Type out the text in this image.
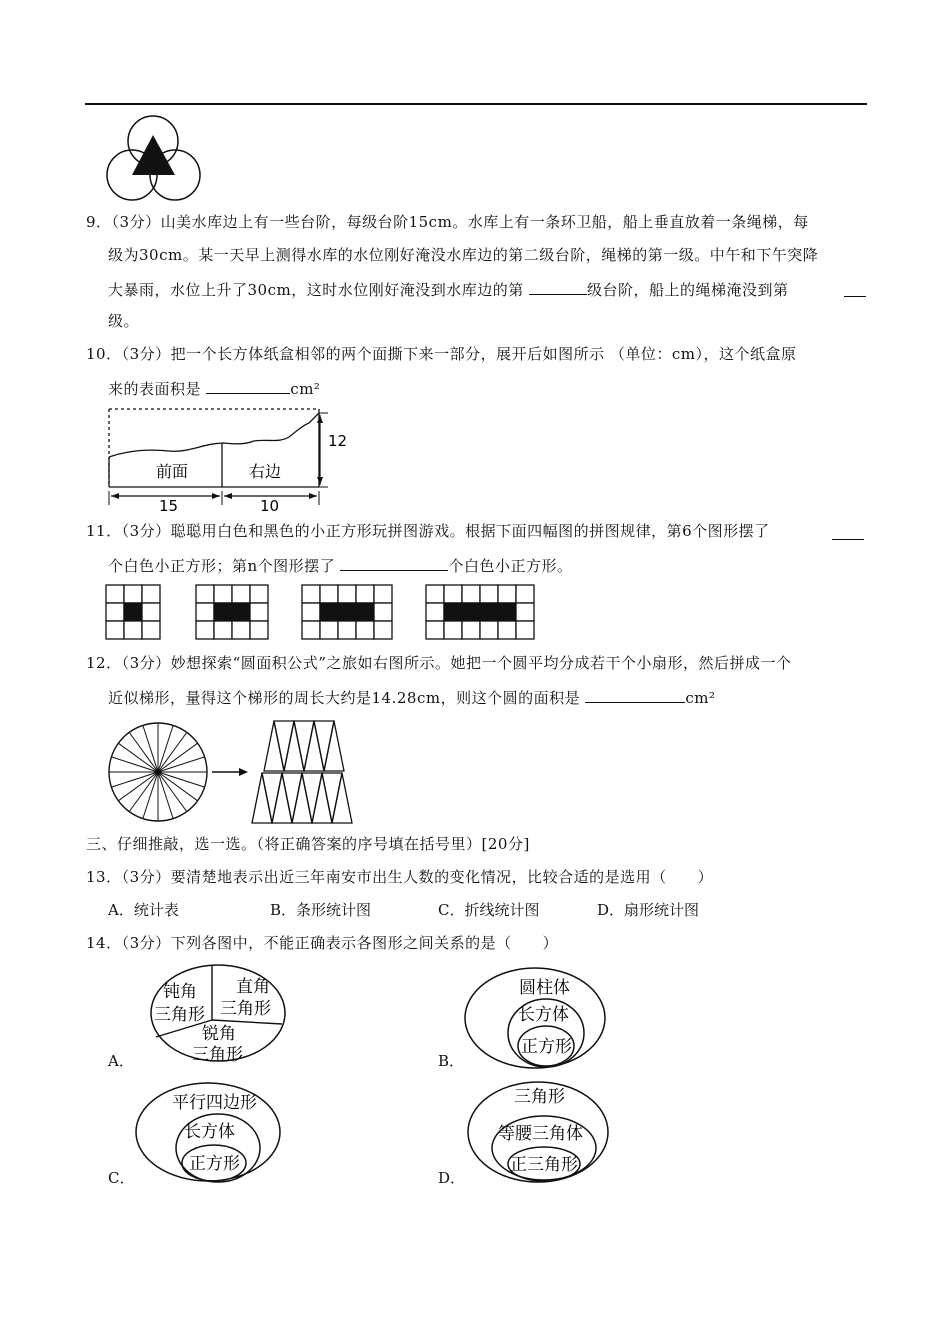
9．（3分）山美水库边上有一些台阶，每级台阶15cm。水库上有一条环卫船，船上垂直放着一条绳梯，每
级为30cm。某一天早上测得水库的水位刚好淹没水库边的第二级台阶，绳梯的第一级。中午和下午突降
大暴雨，水位上升了30cm，这时水位刚好淹没到水库边的第	级台阶，船上的绳梯淹没到第
级。
10．（3分）把一个长方体纸盒相邻的两个面撕下来一部分，展开后如图所示 （单位：cm），这个纸盒原
来的表面积是	cm²
前面	右边
15	10
12
11．（3分）聪聪用白色和黑色的小正方形玩拼图游戏。根据下面四幅图的拼图规律，第6个图形摆了
个白色小正方形；第n个图形摆了	个白色小正方形。
12．（3分）妙想探索“圆面积公式”之旅如右图所示。她把一个圆平均分成若干个小扇形，然后拼成一个
近似梯形，量得这个梯形的周长大约是14.28cm，则这个圆的面积是	cm²
三、仔细推敲，选一选。（将正确答案的序号填在括号里）[20分]
13．（3分）要清楚地表示出近三年南安市出生人数的变化情况，比较合适的是选用（　　）
A．统计表	B．条形统计图	C．折线统计图	D．扇形统计图
14．（3分）下列各图中，不能正确表示各图形之间关系的是（　　）
钝角
三角形
直角
三角形
锐角
三角形
A．
圆柱体
长方体
正方形
B．
平行四边形
长方体
正方形
C．
三角形
等腰三角体
正三角形
D．
